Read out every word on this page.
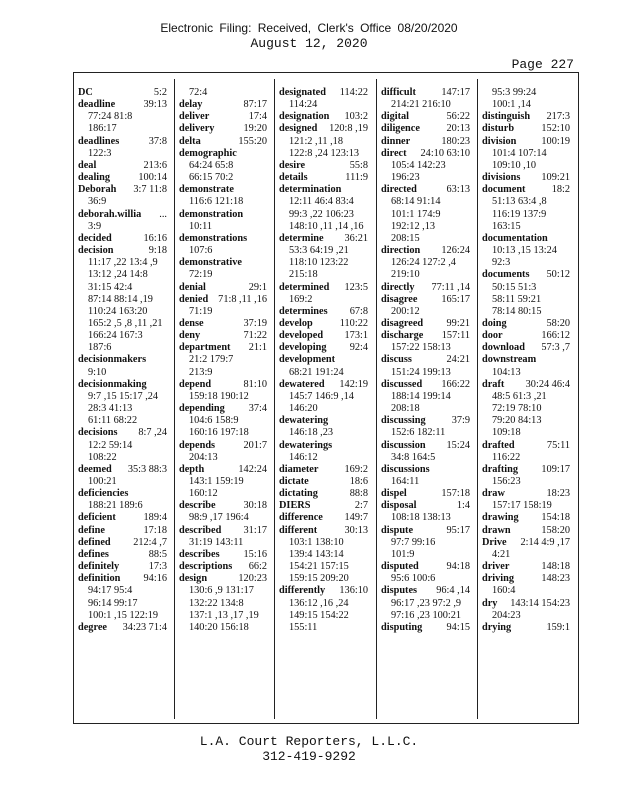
Electronic Filing: Received, Clerk's Office 08/20/2020
August 12, 2020
Page 227
DC	5:2
deadline	39:13
77:24 81:8
186:17
deadlines	37:8
122:3
deal	213:6
dealing	100:14
Deborah 3:7 11:8
36:9
deborah.willia ...
3:9
decided	16:16
decision	9:18
11:17 ,22 13:4 ,9
13:12 ,24 14:8
31:15 42:4
87:14 88:14 ,19
110:24 163:20
165:2 ,5 ,8 ,11 ,21
166:24 167:3
187:6
decisionmakers
9:10
decisionmaking
9:7 ,15 15:17 ,24
28:3 41:13
61:11 68:22
decisions 8:7 ,24
12:2 59:14
108:22
deemed 35:3 88:3
100:21
deficiencies
188:21 189:6
deficient	189:4
define	17:18
defined 212:4 ,7
defines	88:5
definitely	17:3
definition 94:16
94:17 95:4
96:14 99:17
100:1 ,15 122:19
degree 34:23 71:4
72:4
delay	87:17
deliver	17:4
delivery	19:20
delta	155:20
demographic
64:24 65:8
66:15 70:2
demonstrate
116:6 121:18
demonstration
10:11
demonstrations
107:6
demonstrative
72:19
denial	29:1
denied 71:8 ,11 ,16
71:19
dense	37:19
deny	71:22
department 21:1
21:2 179:7
213:9
depend	81:10
159:18 190:12
depending 37:4
104:6 158:9
160:16 197:18
depends	201:7
204:13
depth	142:24
143:1 159:19
160:12
describe	30:18
98:9 ,17 196:4
described 31:17
31:19 143:11
describes 15:16
descriptions 66:2
design	120:23
130:6 ,9 131:17
132:22 134:8
137:1 ,13 ,17 ,19
140:20 156:18
designated 114:22
114:24
designation 103:2
designed 120:8 ,19
121:2 ,11 ,18
122:8 ,24 123:13
desire	55:8
details	111:9
determination
12:11 46:4 83:4
99:3 ,22 106:23
148:10 ,11 ,14 ,16
determine 36:21
53:3 64:19 ,21
118:10 123:22
215:18
determined 123:5
169:2
determines 67:8
develop	110:22
developed 173:1
developing 92:4
development
68:21 191:24
dewatered 142:19
145:7 146:9 ,14
146:20
dewatering
146:18 ,23
dewaterings
146:12
diameter	169:2
dictate	18:6
dictating	88:8
DIERS	2:7
difference 149:7
different	30:13
103:1 138:10
139:4 143:14
154:21 157:15
159:15 209:20
differently 136:10
136:12 ,16 ,24
149:15 154:22
155:11
difficult 147:17
214:21 216:10
digital	56:22
diligence	20:13
dinner	180:23
direct 24:10 63:10
105:4 142:23
196:23
directed	63:13
68:14 91:14
101:1 174:9
192:12 ,13
208:15
direction 126:24
126:24 127:2 ,4
219:10
directly 77:11 ,14
disagree 165:17
200:12
disagreed 99:21
discharge 157:11
157:22 158:13
discuss	24:21
151:24 199:13
discussed 166:22
188:14 199:14
208:18
discussing	37:9
152:6 182:11
discussion 15:24
34:8 164:5
discussions
164:11
dispel	157:18
disposal	1:4
108:18 138:13
dispute	95:17
97:7 99:16
101:9
disputed	94:18
95:6 100:6
disputes 96:4 ,14
96:17 ,23 97:2 ,9
97:16 ,23 100:21
disputing 94:15
95:3 99:24
100:1 ,14
distinguish 217:3
disturb	152:10
division 100:19
101:4 107:14
109:10 ,10
divisions 109:21
document	18:2
51:13 63:4 ,8
116:19 137:9
163:15
documentation
10:13 ,15 13:24
92:3
documents 50:12
50:15 51:3
58:11 59:21
78:14 80:15
doing	58:20
door	166:12
download 57:3 ,7
downstream
104:13
draft 30:24 46:4
48:5 61:3 ,21
72:19 78:10
79:20 84:13
109:18
drafted	75:11
116:22
drafting 109:17
156:23
draw	18:23
157:17 158:19
drawing 154:18
drawn	158:20
Drive 2:14 4:9 ,17
4:21
driver	148:18
driving	148:23
160:4
dry 143:14 154:23
204:23
drying	159:1
L.A. Court Reporters, L.L.C.
312-419-9292
